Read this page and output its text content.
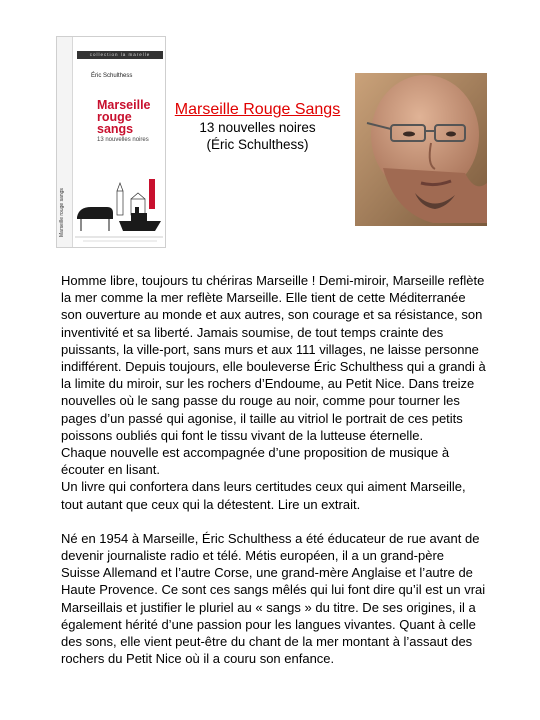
Marseille rouge sangs
collection la marelle
Éric Schulthess
Marseille
rouge
sangs
13 nouvelles noires
Marseille Rouge Sangs
13 nouvelles noires
(Éric Schulthess)

Homme libre, toujours tu chériras Marseille ! Demi-miroir, Marseille reflète la mer comme la mer reflète Marseille. Elle tient de cette Méditerranée son ouverture au monde et aux autres, son courage et sa résistance, son inventivité et sa liberté. Jamais soumise, de tout temps crainte des puissants, la ville-port, sans murs et aux 111 villages, ne laisse personne indifférent. Depuis toujours, elle bouleverse Éric Schulthess qui a grandi à la limite du miroir, sur les rochers d’Endoume, au Petit Nice. Dans treize nouvelles où le sang passe du rouge au noir, comme pour tourner les pages d’un passé qui agonise, il taille au vitriol le portrait de ces petits poissons oubliés qui font le tissu vivant de la lutteuse éternelle.

Chaque nouvelle est accompagnée d’une proposition de musique à écouter en lisant.

Un livre qui confortera dans leurs certitudes ceux qui aiment Marseille, tout autant que ceux qui la détestent. Lire un extrait.

Né en 1954 à Marseille, Éric Schulthess a été éducateur de rue avant de devenir journaliste radio et télé. Métis européen, il a un grand-père Suisse Allemand et l’autre Corse, une grand-mère Anglaise et l’autre de Haute Provence. Ce sont ces sangs mêlés qui lui font dire qu’il est un vrai Marseillais et justifier le pluriel au « sangs » du titre. De ses origines, il a également hérité d’une passion pour les langues vivantes. Quant à celle des sons, elle vient peut-être du chant de la mer montant à l’assaut des rochers du Petit Nice où il a couru son enfance.
